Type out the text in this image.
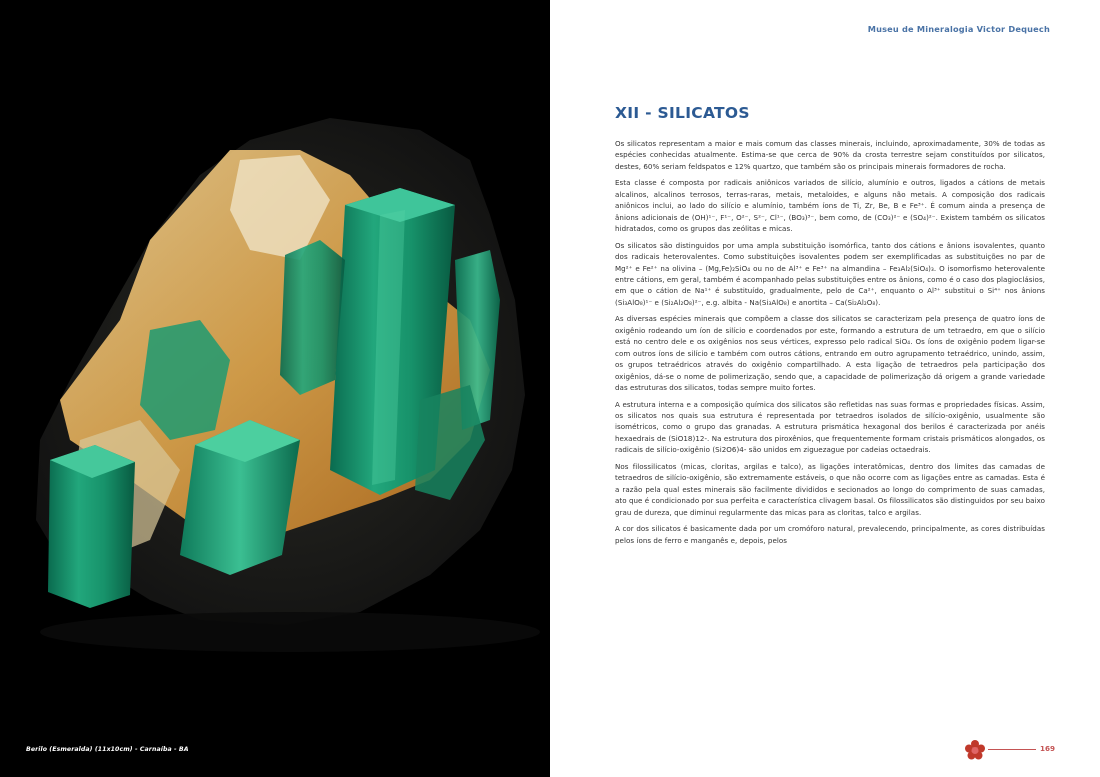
Berilo (Esmeralda) (11x10cm) - Carnaíba - BA
Museu de Mineralogia Victor Dequech
XII - SILICATOS

Os silicatos representam a maior e mais comum das classes minerais, incluindo, aproximadamente, 30% de todas as espécies conhecidas atualmente. Estima-se que cerca de 90% da crosta terrestre sejam constituídos por silicatos, destes, 60% seriam feldspatos e 12% quartzo, que também são os principais minerais formadores de rocha.

Esta classe é composta por radicais aniônicos variados de silício, alumínio e outros, ligados a cátions de metais alcalinos, alcalinos terrosos, terras-raras, metais, metaloides, e alguns não metais. A composição dos radicais aniônicos inclui, ao lado do silício e alumínio, também íons de Ti, Zr, Be, B e Fe³⁺. É comum ainda a presença de ânions adicionais de (OH)¹⁻, F¹⁻, O²⁻, S²⁻, Cl¹⁻, (BO₃)³⁻, bem como, de (CO₃)²⁻ e (SO₄)²⁻. Existem também os silicatos hidratados, como os grupos das zeólitas e micas.

Os silicatos são distinguidos por uma ampla substituição isomórfica, tanto dos cátions e ânions isovalentes, quanto dos radicais heterovalentes. Como substituições isovalentes podem ser exemplificadas as substituições no par de Mg²⁺ e Fe²⁺ na olivina – (Mg,Fe)₂SiO₄ ou no de Al³⁺ e Fe³⁺ na almandina – Fe₃Al₂(SiO₄)₃. O isomorfismo heterovalente entre cátions, em geral, também é acompanhado pelas substituições entre os ânions, como é o caso dos plagioclásios, em que o cátion de Na¹⁺ é substituído, gradualmente, pelo de Ca²⁺, enquanto o Al³⁺ substitui o Si⁴⁺ nos ânions (Si₃AlO₈)¹⁻ e (Si₂Al₂O₈)²⁻, e.g. albita - Na(Si₃AlO₈) e anortita – Ca(Si₂Al₂O₈).

As diversas espécies minerais que compõem a classe dos silicatos se caracterizam pela presença de quatro íons de oxigênio rodeando um íon de silício e coordenados por este, formando a estrutura de um tetraedro, em que o silício está no centro dele e os oxigênios nos seus vértices, expresso pelo radical SiO₄. Os íons de oxigênio podem ligar-se com outros íons de silício e também com outros cátions, entrando em outro agrupamento tetraédrico, unindo, assim, os grupos tetraédricos através do oxigênio compartilhado. A esta ligação de tetraedros pela participação dos oxigênios, dá-se o nome de polimerização, sendo que, a capacidade de polimerização dá origem a grande variedade das estruturas dos silicatos, todas sempre muito fortes.

A estrutura interna e a composição química dos silicatos são refletidas nas suas formas e propriedades físicas. Assim, os silicatos nos quais sua estrutura é representada por tetraedros isolados de silício-oxigênio, usualmente são isométricos, como o grupo das granadas. A estrutura prismática hexagonal dos berilos é caracterizada por anéis hexaedrais de (SiO18)12-. Na estrutura dos piroxênios, que frequentemente formam cristais prismáticos alongados, os radicais de silício-oxigênio (Si2O6)4- são unidos em ziguezague por cadeias octaedrais.

Nos filossilicatos (micas, cloritas, argilas e talco), as ligações interatômicas, dentro dos limites das camadas de tetraedros de silício-oxigênio, são extremamente estáveis, o que não ocorre com as ligações entre as camadas. Esta é a razão pela qual estes minerais são facilmente divididos e secionados ao longo do comprimento de suas camadas, ato que é condicionado por sua perfeita e característica clivagem basal. Os filossilicatos são distinguidos por seu baixo grau de dureza, que diminui regularmente das micas para as cloritas, talco e argilas.

A cor dos silicatos é basicamente dada por um cromóforo natural, prevalecendo, principalmente, as cores distribuídas pelos íons de ferro e manganês e, depois, pelos

169
